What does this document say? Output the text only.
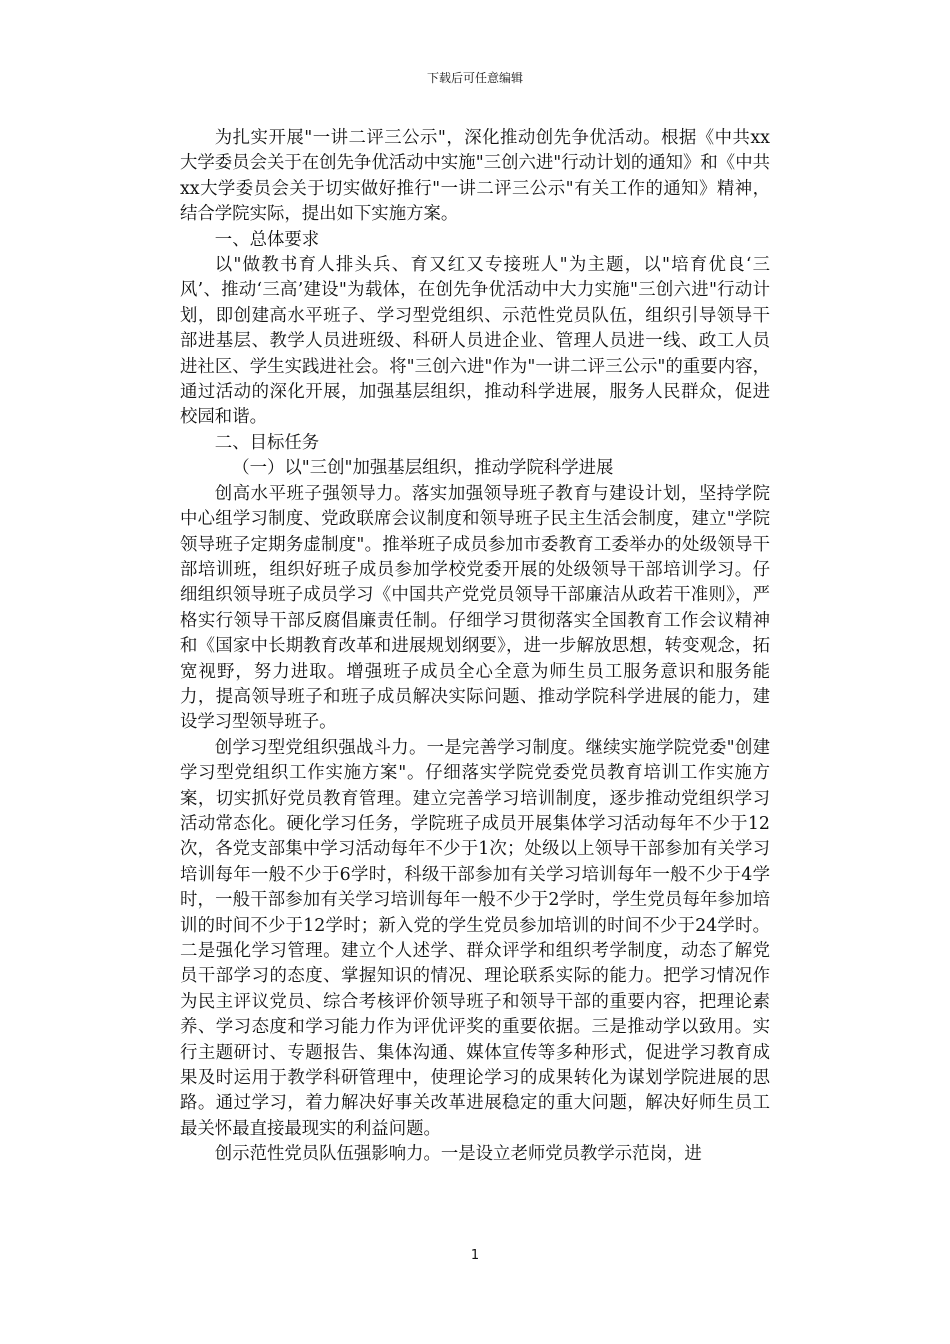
下载后可任意编辑

为扎实开展"一讲二评三公示"，深化推动创先争优活动。根据《中共xx大学委员会关于在创先争优活动中实施"三创六进"行动计划的通知》和《中共xx大学委员会关于切实做好推行"一讲二评三公示"有关工作的通知》精神，结合学院实际，提出如下实施方案。

一、总体要求

以"做教书育人排头兵、育又红又专接班人"为主题，以"培育优良‘三风’、推动‘三高’建设"为载体，在创先争优活动中大力实施"三创六进"行动计划，即创建高水平班子、学习型党组织、示范性党员队伍，组织引导领导干部进基层、教学人员进班级、科研人员进企业、管理人员进一线、政工人员进社区、学生实践进社会。将"三创六进"作为"一讲二评三公示"的重要内容，通过活动的深化开展，加强基层组织，推动科学进展，服务人民群众，促进校园和谐。

二、目标任务

（一）以"三创"加强基层组织，推动学院科学进展

创高水平班子强领导力。落实加强领导班子教育与建设计划，坚持学院中心组学习制度、党政联席会议制度和领导班子民主生活会制度，建立"学院领导班子定期务虚制度"。推举班子成员参加市委教育工委举办的处级领导干部培训班，组织好班子成员参加学校党委开展的处级领导干部培训学习。仔细组织领导班子成员学习《中国共产党党员领导干部廉洁从政若干准则》，严格实行领导干部反腐倡廉责任制。仔细学习贯彻落实全国教育工作会议精神和《国家中长期教育改革和进展规划纲要》，进一步解放思想，转变观念，拓宽视野，努力进取。增强班子成员全心全意为师生员工服务意识和服务能力，提高领导班子和班子成员解决实际问题、推动学院科学进展的能力，建设学习型领导班子。

创学习型党组织强战斗力。一是完善学习制度。继续实施学院党委"创建学习型党组织工作实施方案"。仔细落实学院党委党员教育培训工作实施方案，切实抓好党员教育管理。建立完善学习培训制度，逐步推动党组织学习活动常态化。硬化学习任务，学院班子成员开展集体学习活动每年不少于12次，各党支部集中学习活动每年不少于1次；处级以上领导干部参加有关学习培训每年一般不少于6学时，科级干部参加有关学习培训每年一般不少于4学时，一般干部参加有关学习培训每年一般不少于2学时，学生党员每年参加培训的时间不少于12学时；新入党的学生党员参加培训的时间不少于24学时。二是强化学习管理。建立个人述学、群众评学和组织考学制度，动态了解党员干部学习的态度、掌握知识的情况、理论联系实际的能力。把学习情况作为民主评议党员、综合考核评价领导班子和领导干部的重要内容，把理论素养、学习态度和学习能力作为评优评奖的重要依据。三是推动学以致用。实行主题研讨、专题报告、集体沟通、媒体宣传等多种形式，促进学习教育成果及时运用于教学科研管理中，使理论学习的成果转化为谋划学院进展的思路。通过学习，着力解决好事关改革进展稳定的重大问题，解决好师生员工最关怀最直接最现实的利益问题。

创示范性党员队伍强影响力。一是设立老师党员教学示范岗，进

1
